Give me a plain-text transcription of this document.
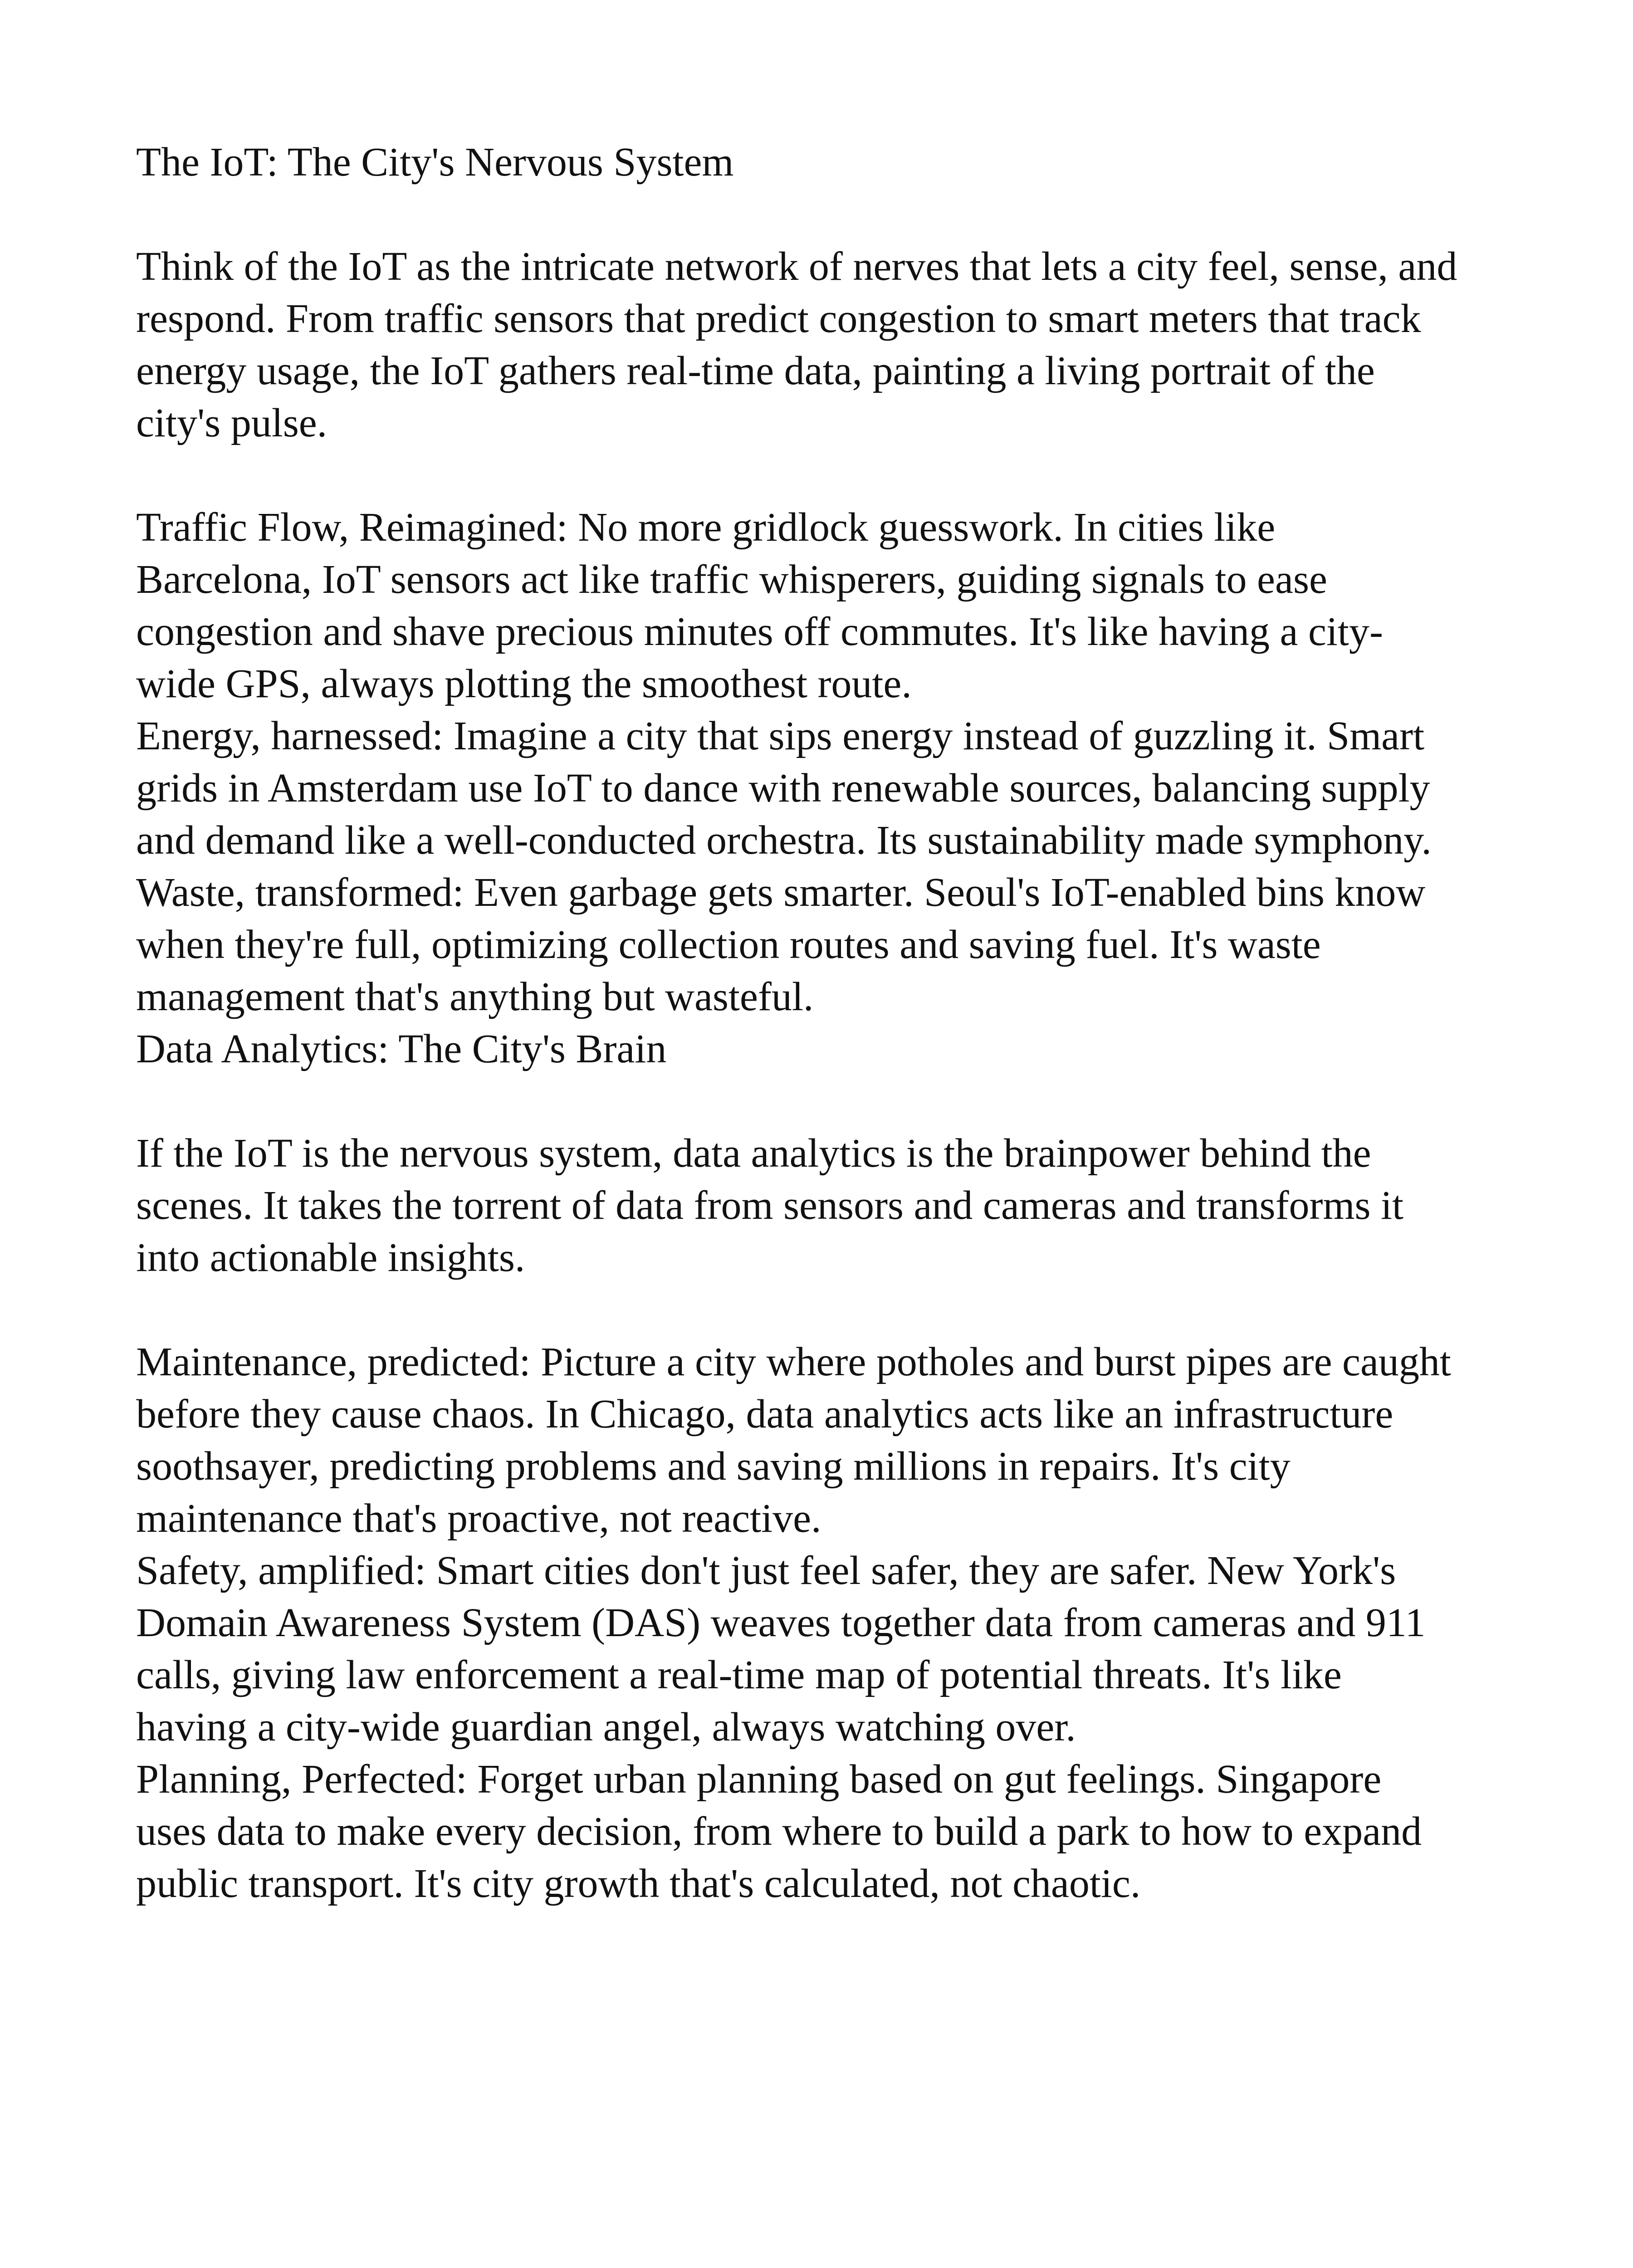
The IoT: The City's Nervous System

Think of the IoT as the intricate network of nerves that lets a city feel, sense, and respond. From traffic sensors that predict congestion to smart meters that track energy usage, the IoT gathers real-time data, painting a living portrait of the city's pulse.

Traffic Flow, Reimagined: No more gridlock guesswork. In cities like Barcelona, IoT sensors act like traffic whisperers, guiding signals to ease congestion and shave precious minutes off commutes. It's like having a city-wide GPS, always plotting the smoothest route.

Energy, harnessed: Imagine a city that sips energy instead of guzzling it. Smart grids in Amsterdam use IoT to dance with renewable sources, balancing supply and demand like a well-conducted orchestra. Its sustainability made symphony.

Waste, transformed: Even garbage gets smarter. Seoul's IoT-enabled bins know when they're full, optimizing collection routes and saving fuel. It's waste management that's anything but wasteful.

Data Analytics: The City's Brain

If the IoT is the nervous system, data analytics is the brainpower behind the scenes. It takes the torrent of data from sensors and cameras and transforms it into actionable insights.

Maintenance, predicted: Picture a city where potholes and burst pipes are caught before they cause chaos. In Chicago, data analytics acts like an infrastructure soothsayer, predicting problems and saving millions in repairs. It's city maintenance that's proactive, not reactive.

Safety, amplified: Smart cities don't just feel safer, they are safer. New York's Domain Awareness System (DAS) weaves together data from cameras and 911 calls, giving law enforcement a real-time map of potential threats. It's like having a city-wide guardian angel, always watching over.

Planning, Perfected: Forget urban planning based on gut feelings. Singapore uses data to make every decision, from where to build a park to how to expand public transport. It's city growth that's calculated, not chaotic.
